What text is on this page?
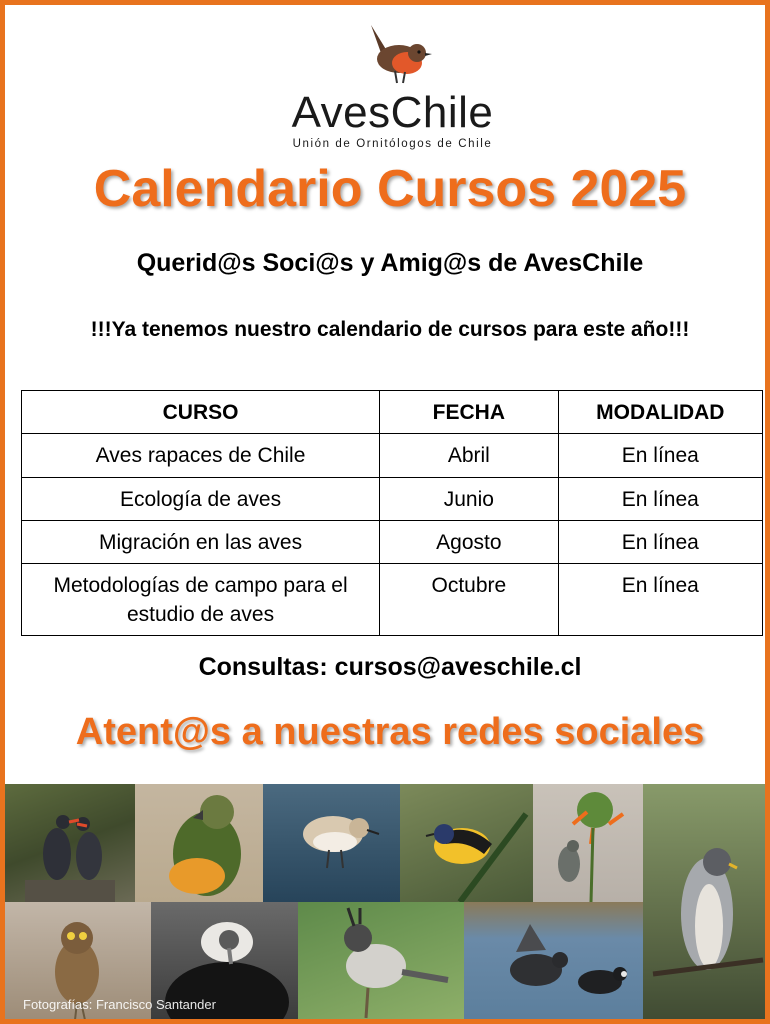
AvesChile
Unión de Ornitólogos de Chile
Calendario Cursos 2025
Querid@s Soci@s y Amig@s de AvesChile
!!!Ya tenemos nuestro calendario de cursos para este año!!!
CURSO	FECHA	MODALIDAD
Aves rapaces de Chile	Abril	En línea
Ecología de aves	Junio	En línea
Migración en las aves	Agosto	En línea
Metodologías de campo para el estudio de aves	Octubre	En línea
Consultas: cursos@aveschile.cl
Atent@s a nuestras redes sociales
Fotografías: Francisco Santander
